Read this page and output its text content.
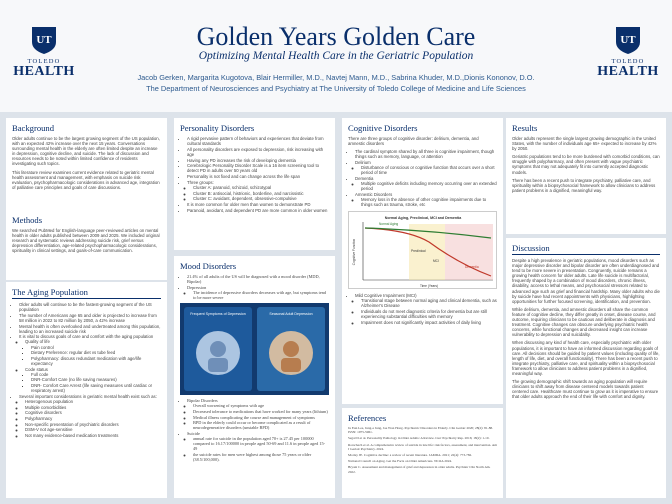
UT
TOLEDO
HEALTH
UT
TOLEDO
HEALTH
Golden Years Golden Care
Optimizing Mental Health Care in the Geriatric Population
Jacob Gerken, Margarita Kugotova, Blair Hermiller, M.D., Navtej Mann, M.D., Sabrina Khuder, M.D.,Dionis Kononov, D.O.
The Department of Neurosciences and Psychiatry at The University of Toledo College of Medicine and Life Sciences
Background

Older adults continue to be the largest growing segment of the US population, with an expected 42% increase over the next 15 years. Conversations surrounding mental health in the elderly are often limited despite an increase in depression, cognitive decline, and suicide. The lack of discussion and resources needs to be noted within limited confidence of residents investigating such topics.

This literature review examines current evidence related to geriatric mental health assessment and management, with emphasis on suicide risk evaluation, psychopharmacologic considerations in advanced age, integration of palliative care principles and goals of care discussions.

Methods

We searched PubMed for English-language peer-reviewed articles on mental health in older adults published between 2009 and 2025. We included original research and systematic reviews addressing suicide risk, grief versus depression differentiation, age-related psychopharmacologic considerations, spirituality in clinical settings, and goals-of-care communication.

The Aging Population
• Older adults will continue to be the fastest-growing segment of the US population
• The number of Americans age 65 and older is projected to increase from 58 million in 2022 to 82 million by 2050, a 42% increase
• Mental health is often overlooked and undertreated among this population, leading to an increased suicide risk
• It is vital to discuss goals of care and comfort with the aging population
◦ Quality of life
▪ Pain control
▪ Dietary Preference: regular diet vs tube feed
▪ Polypharmacy: discuss redundant medication with age/life expectancy
◦ Code status
▪ Full code
▪ DNR-Comfort Care (no life saving measures)
▪ DNR- Comfort Care Arrest (life saving measures until cardiac or respiratory arrest)
• Several important considerations in geriatric mental health exist such as:
◦ Heterogenous population
◦ Multiple comorbidities
◦ Cognitive disorders
◦ Polypharmacy
◦ Non-specific presentation of psychiatric disorders
◦ DSM-V not age-sensitive
◦ Not many evidence-based medication treatments
Personality Disorders
• A rigid pervasive pattern of behaviors and experiences that deviate from cultural standards
• All personality disorders are exposed to depression, risk increasing with age
• Having any PD increases the risk of developing dementia
• Cerebrologic Personality Disorder Scale is a 16 item screening tool to detect PD in adults over 50 years old
• Personality is not fixed and can change across the life span
• Three groups:
◦ Cluster A: paranoid, schizoid, schizotypal
◦ Cluster B: antisocial, histrionic, borderline, and narcissistic
◦ Cluster C: avoidant, dependent, obsessive-compulsive
• It is more common for older men than women to demonstrate PD
• Paranoid, avoidant, and dependent PD are more common in older women
Mood Disorders
• 21.4% of all adults of the US will be diagnosed with a mood disorder (MDD, Bipolar)
• Depression
◦ The incidence of depressive disorders decreases with age, but symptoms tend to be more severe
Frequent Symptoms of Depression	Seasonal Adult Depression
• Bipolar Disorders
◦ Overall worsening of symptoms with age
◦ Decreased tolerance to medications that have worked for many years (lithium)
◦ Medical illness complicating the course and management of symptoms
◦ BPD in the elderly could occur or become complicated as a result of neurodegenerative disorders (unstable BPD)
• Suicide
◦ annual rate for suicide in the population aged 70+ is 27.45 per 100000 compared to 16.17/100000 in people aged 50-69 and 11.6 in people aged 15-49
◦ the suicide rates for men were highest among those 75 years or older (38.5/100,000).
Cognitive Disorders

There are three groups of cognitive disorder: delirium, dementia, and amnestic disorders

• The cardinal symptom shared by all three is cognitive impairment, though things such as memory, language, or attention
• Delirium
◦ Disturbance of conscious or cognitive function that occurs over a short period of time
• Dementia
◦ Multiple cognitive deficits including memory occurring over an extended period
• Amnestic Disorders
◦ Memory loss in the absence of other cognitive impairments due to things such as trauma, stroke, etc
Normal Aging, Preclinical, MCI and Dementia
Cognitive Function
Time (Years)
Normal Aging
Preclinical
MCI
Dementia
• Mild Cognitive Impairment (MCI)
◦ Transitional stage between normal aging and clinical dementia, such as Alzheimer's Disease
◦ Individuals do not meet diagnostic criteria for dementia but are still experiencing substantial difficulties with memory
◦ Impairment does not significantly impact activities of daily living
References

Ju Eun Lee, Jung-a Jung, Jae Won Hong. Psychiatric Disorders in Elderly. Clin Geriatr 2020; 28(2): 81-88. ISSN: 1975-5961.

Segal D et al. Personality Pathology in Older Adults: A Review. Curr Psychiatry Rep. 2016; 18(2): 1-10.

Rorschach et al. A comprehensive review of suicide in late life: risk factors, assessment, and intervention. Am J Geriatr Psychiatry. 2024.

Morley JE. Cognitive decline: a review of recent literature. JAMDA. 2021; 22(4): 773-782.

National Council on Aging. Get the Facts on Older Americans. NCOA 2024.

Bryant C. Assessment and management of grief and depression in older adults. Psychiatr Clin North Am. 2022.

Results

Older adults represent the single largest growing demographic in the United States, with the number of individuals age 65+ expected to increase by 42% by 2050.

Geriatric populations tend to be more burdened with comorbid conditions, can struggle with polypharmacy, and often present with vague psychiatric symptoms that may not adequately fit into currently accepted diagnostic models.

There has been a recent push to integrate psychiatry, palliative care, and spirituality within a biopsychosocial framework to allow clinicians to address patient problems in a dignified, meaningful way.

Discussion

Despite a high prevalence in geriatric populations, mood disorders such as major depressive disorder and bipolar disorder are often underdiagnosed and tend to be more severe in presentation. Congruently, suicide remains a growing health concern for older adults. Late life suicide is multifactorial, frequently shaped by a combination of mood disorders, chronic illness, disability, access to lethal means, and psychosocial stressors related to advanced age such as grief and financial hardship. Many older adults who die by suicide have had recent appointments with physicians, highlighting opportunities for further focused screening, identification, and prevention.

While delirium, dementia, and amnestic disorders all share the common feature of cognitive decline, they differ greatly in onset, disease course, and outcome, requiring clinicians to be cautious and deliberate in diagnosis and treatment. Cognitive changes can obscure underlying psychiatric health concerns, while functional changes and decreased insight can increase vulnerability to depression and suicidality.

When discussing any kind of health care, especially psychiatric with older populations, it is important to have an informed discussion regarding goals of care. All decisions should be guided by patient values (including quality of life, length of life, diet, and overall functionality). There has been a recent push to integrate psychiatry, palliative care, and spirituality within a biopsychosocial framework to allow clinicians to address patient problems in a dignified, meaningful way.

The growing demographic shift towards an aging population will require clinicians to shift away from disease centered models towards patient centered care. Healthcare must continue to grow as it is imperative to ensure that older adults approach the end of their life with comfort and dignity.
